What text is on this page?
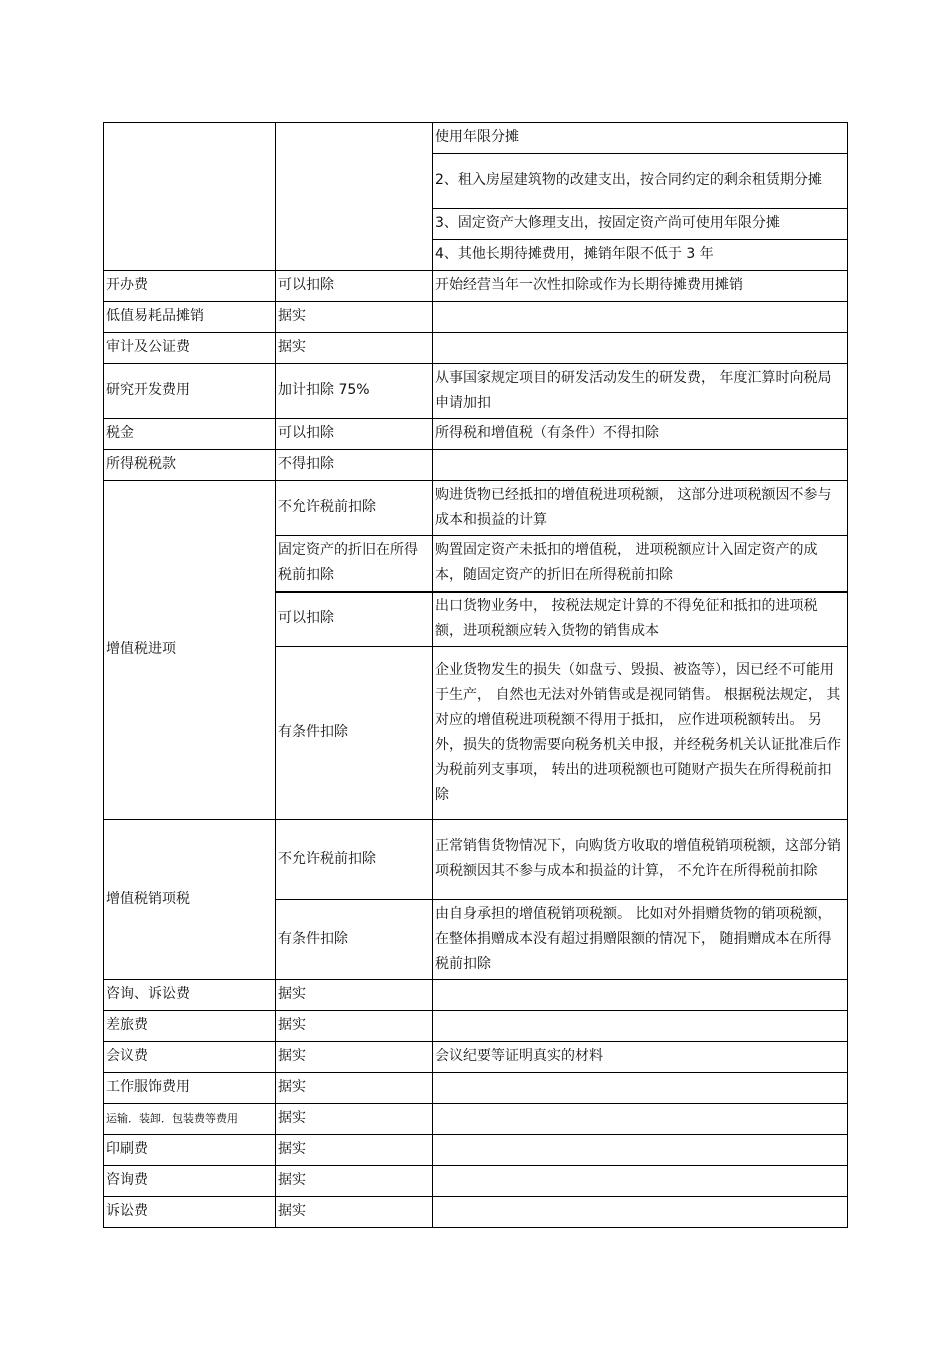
		使用年限分摊
		2、租入房屋建筑物的改建支出，按合同约定的剩余租赁期分摊
		3、固定资产大修理支出，按固定资产尚可使用年限分摊
		4、其他长期待摊费用，摊销年限不低于 3 年
开办费	可以扣除	开始经营当年一次性扣除或作为长期待摊费用摊销
低值易耗品摊销	据实	
审计及公证费	据实	
研究开发费用	加计扣除 75%	从事国家规定项目的研发活动发生的研发费， 年度汇算时向税局申请加扣
税金	可以扣除	所得税和增值税（有条件）不得扣除
所得税税款	不得扣除	
增值税进项	不允许税前扣除	购进货物已经抵扣的增值税进项税额， 这部分进项税额因不参与成本和损益的计算
	固定资产的折旧在所得税前扣除	购置固定资产未抵扣的增值税， 进项税额应计入固定资产的成本，随固定资产的折旧在所得税前扣除
	可以扣除	出口货物业务中， 按税法规定计算的不得免征和抵扣的进项税额，进项税额应转入货物的销售成本
	有条件扣除	企业货物发生的损失（如盘亏、毁损、被盗等），因已经不可能用于生产， 自然也无法对外销售或是视同销售。 根据税法规定， 其对应的增值税进项税额不得用于抵扣， 应作进项税额转出。 另外，损失的货物需要向税务机关申报，并经税务机关认证批准后作为税前列支事项， 转出的进项税额也可随财产损失在所得税前扣除
增值税销项税	不允许税前扣除	正常销售货物情况下，向购货方收取的增值税销项税额，这部分销项税额因其不参与成本和损益的计算， 不允许在所得税前扣除
	有条件扣除	由自身承担的增值税销项税额。 比如对外捐赠货物的销项税额，在整体捐赠成本没有超过捐赠限额的情况下， 随捐赠成本在所得税前扣除
咨询、诉讼费	据实	
差旅费	据实	
会议费	据实	会议纪要等证明真实的材料
工作服饰费用	据实	
运输．装卸．包装费等费用	据实	
印刷费	据实	
咨询费	据实	
诉讼费	据实	
